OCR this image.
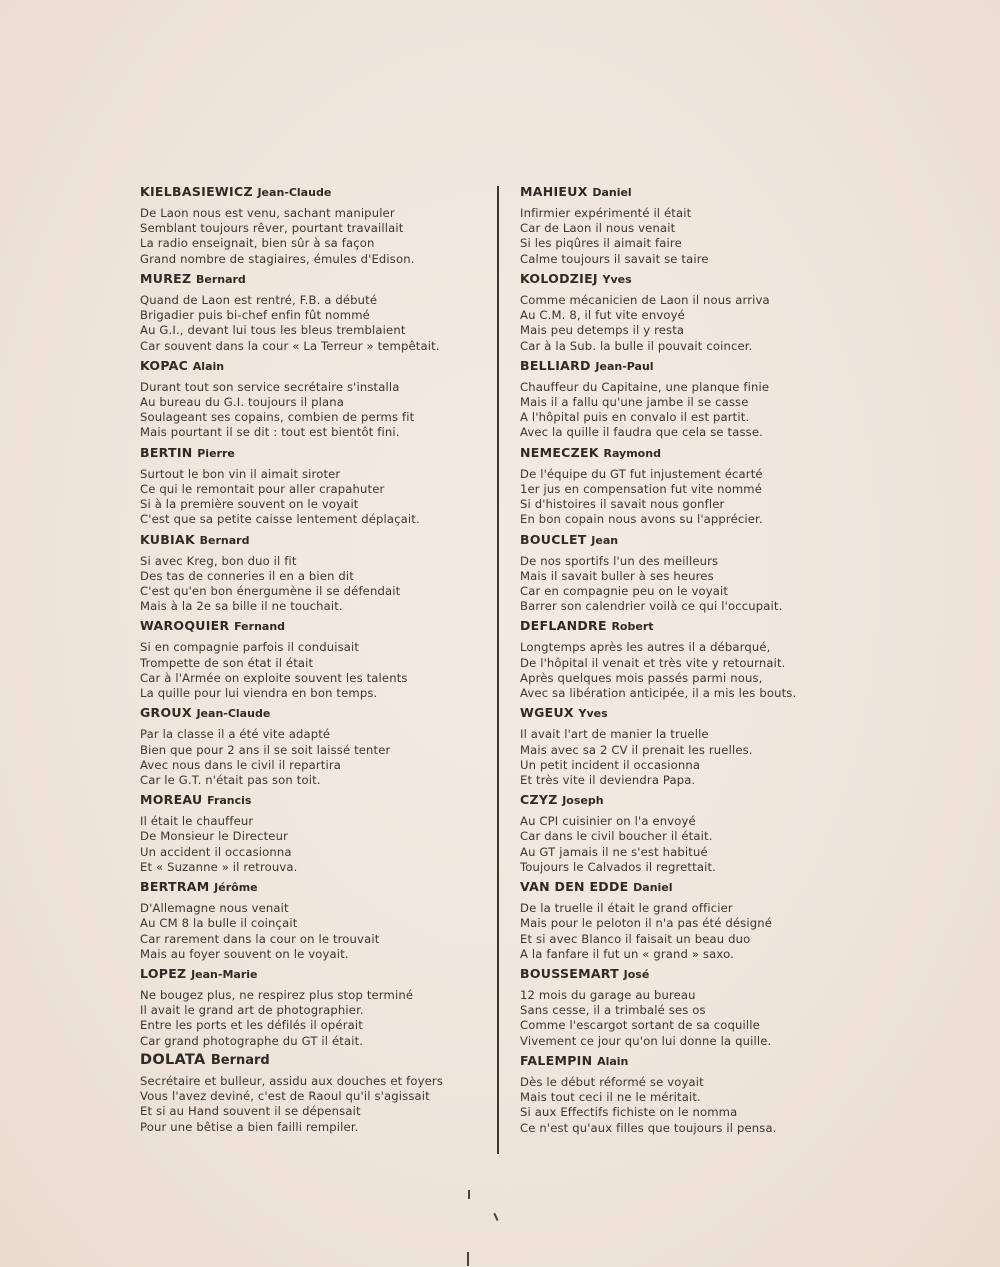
KIELBASIEWICZ Jean-Claude
De Laon nous est venu, sachant manipuler
Semblant toujours rêver, pourtant travaillait
La radio enseignait, bien sûr à sa façon
Grand nombre de stagiaires, émules d'Edison.
MUREZ Bernard
Quand de Laon est rentré, F.B. a débuté
Brigadier puis bi-chef enfin fût nommé
Au G.I., devant lui tous les bleus tremblaient
Car souvent dans la cour « La Terreur » tempêtait.
KOPAC Alain
Durant tout son service secrétaire s'installa
Au bureau du G.I. toujours il plana
Soulageant ses copains, combien de perms fit
Mais pourtant il se dit : tout est bientôt fini.
BERTIN Pierre
Surtout le bon vin il aimait siroter
Ce qui le remontait pour aller crapahuter
Si à la première souvent on le voyait
C'est que sa petite caisse lentement déplaçait.
KUBIAK Bernard
Si avec Kreg, bon duo il fit
Des tas de conneries il en a bien dit
C'est qu'en bon énergumène il se défendait
Mais à la 2e sa bille il ne touchait.
WAROQUIER Fernand
Si en compagnie parfois il conduisait
Trompette de son état il était
Car à l'Armée on exploite souvent les talents
La quille pour lui viendra en bon temps.
GROUX Jean-Claude
Par la classe il a été vite adapté
Bien que pour 2 ans il se soit laissé tenter
Avec nous dans le civil il repartira
Car le G.T. n'était pas son toit.
MOREAU Francis
Il était le chauffeur
De Monsieur le Directeur
Un accident il occasionna
Et « Suzanne » il retrouva.
BERTRAM Jérôme
D'Allemagne nous venait
Au CM 8 la bulle il coinçait
Car rarement dans la cour on le trouvait
Mais au foyer souvent on le voyait.
LOPEZ Jean-Marie
Ne bougez plus, ne respirez plus stop terminé
Il avait le grand art de photographier.
Entre les ports et les défilés il opérait
Car grand photographe du GT il était.
DOLATA Bernard
Secrétaire et bulleur, assidu aux douches et foyers
Vous l'avez deviné, c'est de Raoul qu'il s'agissait
Et si au Hand souvent il se dépensait
Pour une bêtise a bien failli rempiler.
MAHIEUX Daniel
Infirmier expérimenté il était
Car de Laon il nous venait
Si les piqûres il aimait faire
Calme toujours il savait se taire
KOLODZIEJ Yves
Comme mécanicien de Laon il nous arriva
Au C.M. 8, il fut vite envoyé
Mais peu detemps il y resta
Car à la Sub. la bulle il pouvait coincer.
BELLIARD Jean-Paul
Chauffeur du Capitaine, une planque finie
Mais il a fallu qu'une jambe il se casse
A l'hôpital puis en convalo il est partit.
Avec la quille il faudra que cela se tasse.
NEMECZEK Raymond
De l'équipe du GT fut injustement écarté
1er jus en compensation fut vite nommé
Si d'histoires il savait nous gonfler
En bon copain nous avons su l'apprécier.
BOUCLET Jean
De nos sportifs l'un des meilleurs
Mais il savait buller à ses heures
Car en compagnie peu on le voyait
Barrer son calendrier voilà ce qui l'occupait.
DEFLANDRE Robert
Longtemps après les autres il a débarqué,
De l'hôpital il venait et très vite y retournait.
Après quelques mois passés parmi nous,
Avec sa libération anticipée, il a mis les bouts.
WGEUX Yves
Il avait l'art de manier la truelle
Mais avec sa 2 CV il prenait les ruelles.
Un petit incident il occasionna
Et très vite il deviendra Papa.
CZYZ Joseph
Au CPI cuisinier on l'a envoyé
Car dans le civil boucher il était.
Au GT jamais il ne s'est habitué
Toujours le Calvados il regrettait.
VAN DEN EDDE Daniel
De la truelle il était le grand officier
Mais pour le peloton il n'a pas été désigné
Et si avec Blanco il faisait un beau duo
A la fanfare il fut un « grand » saxo.
BOUSSEMART José
12 mois du garage au bureau
Sans cesse, il a trimbalé ses os
Comme l'escargot sortant de sa coquille
Vivement ce jour qu'on lui donne la quille.
FALEMPIN Alain
Dès le début réformé se voyait
Mais tout ceci il ne le méritait.
Si aux Effectifs fichiste on le nomma
Ce n'est qu'aux filles que toujours il pensa.
